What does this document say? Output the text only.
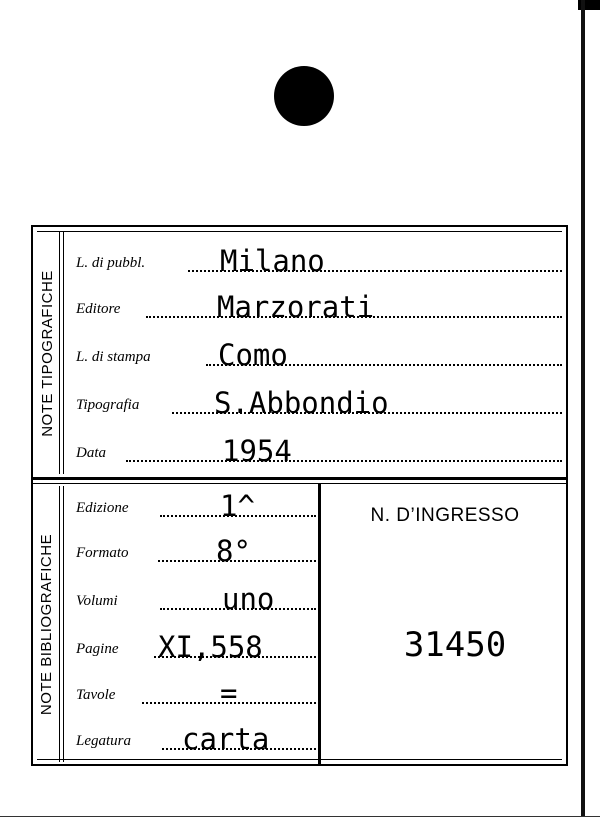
NOTE TIPOGRAFICHE
NOTE BIBLIOGRAFICHE
L. di pubbl.	Milano
Editore	Marzorati
L. di stampa Como
Tipografia	S.Abbondio
Data	1954
Edizione	1^
Formato	8°
Volumi	uno
Pagine XI,558
Tavole	=
Legatura carta
N. D’INGRESSO
31450
